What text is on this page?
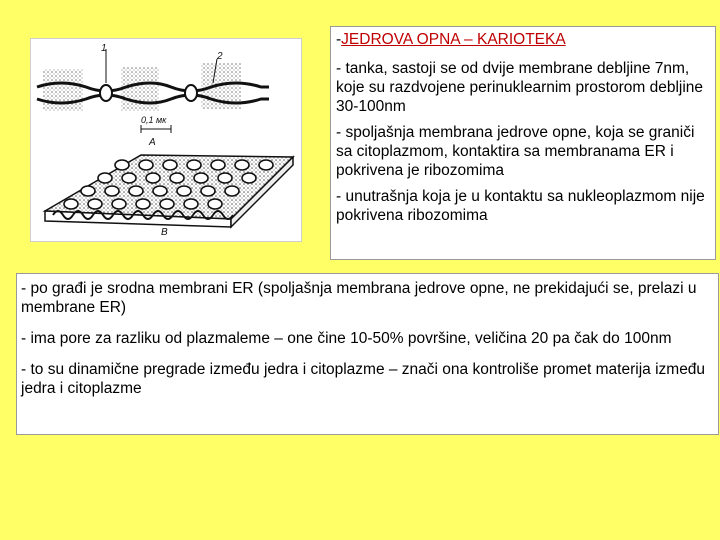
1
2
0,1 мк
А
В

-JEDROVA OPNA – KARIOTEKA

- tanka, sastoji se od dvije membrane debljine 7nm, koje su razdvojene perinuklearnim prostorom debljine 30-100nm

- spoljašnja membrana jedrove opne, koja se graniči sa citoplazmom, kontaktira sa membranama ER i pokrivena je ribozomima

- unutrašnja koja je u kontaktu sa nukleoplazmom nije pokrivena ribozomima

- po građi je srodna membrani ER (spoljašnja membrana jedrove opne, ne prekidajući se, prelazi u membrane ER)

- ima pore za razliku od plazmaleme – one čine 10-50% površine, veličina 20 pa čak do 100nm

- to su dinamične pregrade između jedra i citoplazme – znači ona kontroliše promet materija između jedra i citoplazme
